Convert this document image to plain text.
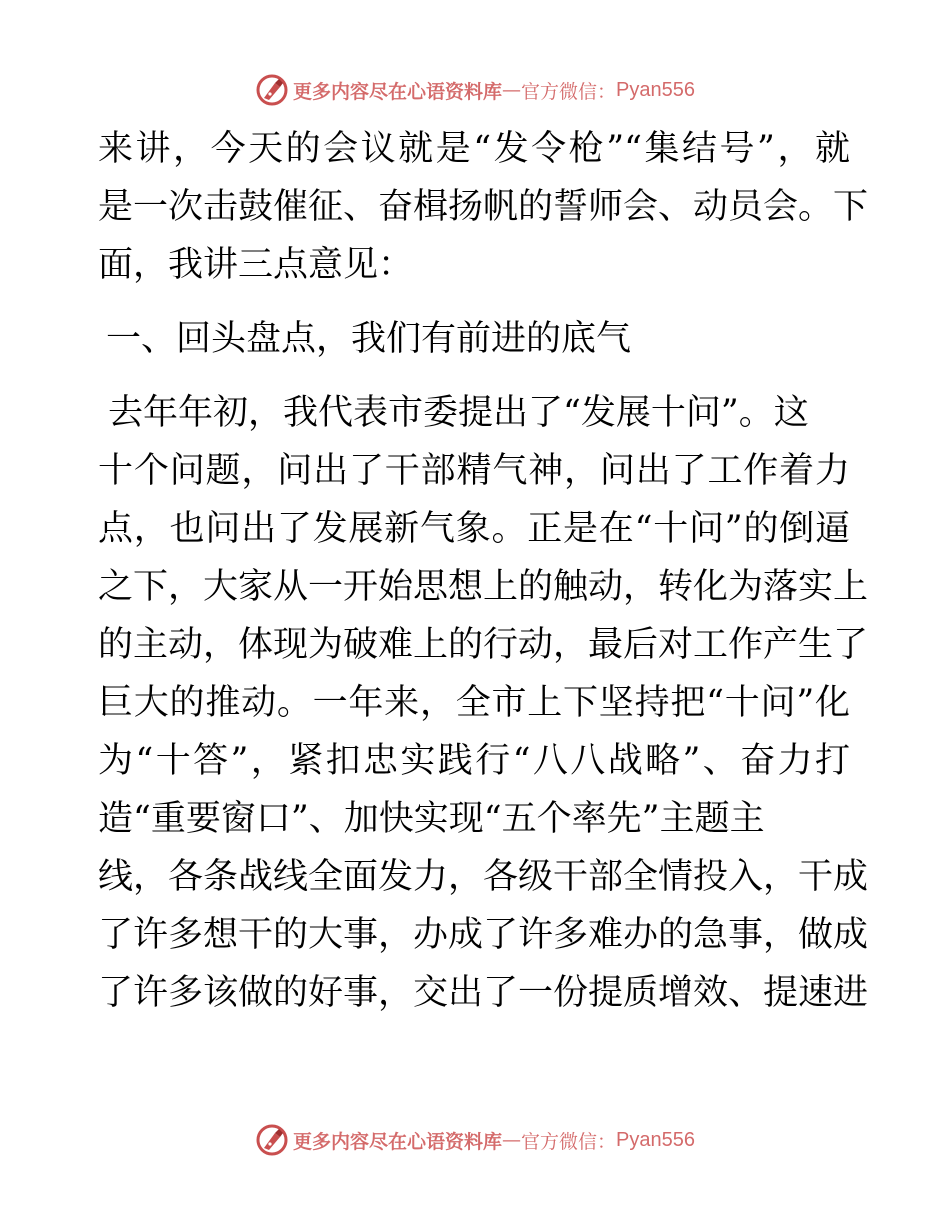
更多内容尽在心语资料库 — 官方微信： Pyan556
来讲，今天的会议就是“发令枪”“集结号”，就
是一次击鼓催征、奋楫扬帆的誓师会、动员会。下
面，我讲三点意见：
一、回头盘点，我们有前进的底气
去年年初，我代表市委提出了“发展十问”。这
十个问题，问出了干部精气神，问出了工作着力
点，也问出了发展新气象。正是在“十问”的倒逼
之下，大家从一开始思想上的触动，转化为落实上
的主动，体现为破难上的行动，最后对工作产生了
巨大的推动。一年来，全市上下坚持把“十问”化
为“十答”，紧扣忠实践行“八八战略”、奋力打
造“重要窗口”、加快实现“五个率先”主题主
线，各条战线全面发力，各级干部全情投入，干成
了许多想干的大事，办成了许多难办的急事，做成
了许多该做的好事，交出了一份提质增效、提速进
更多内容尽在心语资料库 — 官方微信： Pyan556
